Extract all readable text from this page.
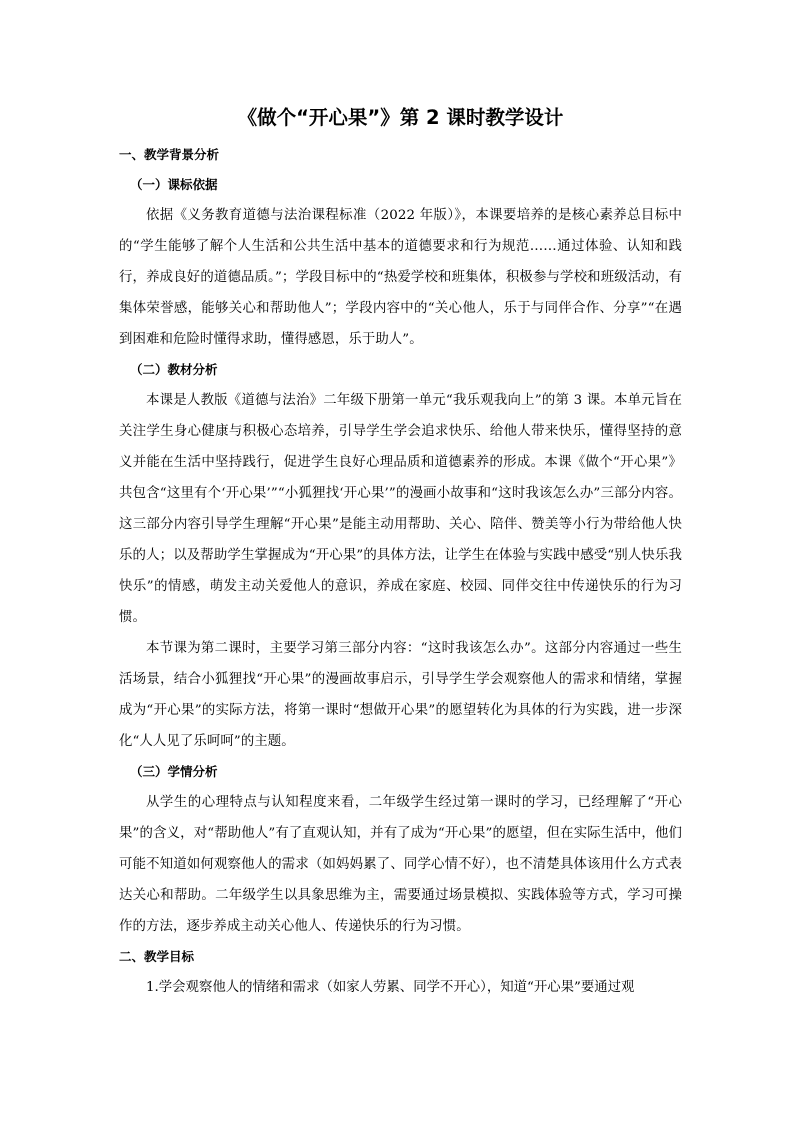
《做个“开心果”》第 2 课时教学设计

一、教学背景分析

（一）课标依据

依据《义务教育道德与法治课程标准（2022 年版）》，本课要培养的是核心素养总目标中的“学生能够了解个人生活和公共生活中基本的道德要求和行为规范……通过体验、认知和践行，养成良好的道德品质。”；学段目标中的“热爱学校和班集体，积极参与学校和班级活动，有集体荣誉感，能够关心和帮助他人”；学段内容中的“关心他人，乐于与同伴合作、分享”“在遇到困难和危险时懂得求助，懂得感恩，乐于助人”。

（二）教材分析

本课是人教版《道德与法治》二年级下册第一单元“我乐观我向上”的第 3 课。本单元旨在关注学生身心健康与积极心态培养，引导学生学会追求快乐、给他人带来快乐，懂得坚持的意义并能在生活中坚持践行，促进学生良好心理品质和道德素养的形成。本课《做个“开心果”》共包含“这里有个‘开心果’”“小狐狸找‘开心果’”的漫画小故事和“这时我该怎么办”三部分内容。这三部分内容引导学生理解“开心果”是能主动用帮助、关心、陪伴、赞美等小行为带给他人快乐的人；以及帮助学生掌握成为“开心果”的具体方法，让学生在体验与实践中感受“别人快乐我快乐”的情感，萌发主动关爱他人的意识，养成在家庭、校园、同伴交往中传递快乐的行为习惯。

本节课为第二课时，主要学习第三部分内容：“这时我该怎么办”。这部分内容通过一些生活场景，结合小狐狸找“开心果”的漫画故事启示，引导学生学会观察他人的需求和情绪，掌握成为“开心果”的实际方法，将第一课时“想做开心果”的愿望转化为具体的行为实践，进一步深化“人人见了乐呵呵”的主题。

（三）学情分析

从学生的心理特点与认知程度来看，二年级学生经过第一课时的学习，已经理解了“开心果”的含义，对“帮助他人”有了直观认知，并有了成为“开心果”的愿望，但在实际生活中，他们可能不知道如何观察他人的需求（如妈妈累了、同学心情不好），也不清楚具体该用什么方式表达关心和帮助。二年级学生以具象思维为主，需要通过场景模拟、实践体验等方式，学习可操作的方法，逐步养成主动关心他人、传递快乐的行为习惯。

二、教学目标

1.学会观察他人的情绪和需求（如家人劳累、同学不开心），知道“开心果”要通过观
